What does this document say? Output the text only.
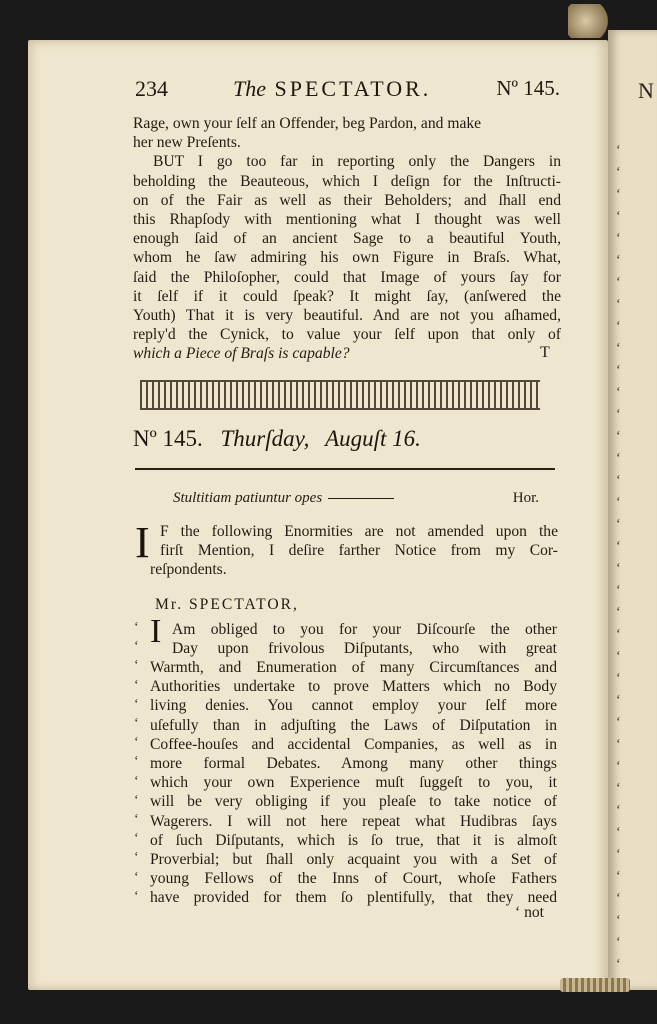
N
‘
‘
‘
‘
‘
‘
‘
‘
‘
‘
‘
‘
‘
‘
‘
‘
‘
‘
‘
‘
‘
‘
‘
‘
‘
‘
‘
‘
‘
‘
‘
‘
‘
‘
‘
‘
‘
‘
234	The SPECTATOR.	Nº 145.
Rage, own your ſelf an Offender, beg Pardon, and make
her new Preſents.
BUT I go too far in reporting only the Dangers in
beholding the Beauteous, which I deſign for the Inſtructi-
on of the Fair as well as their Beholders; and ſhall end
this Rhapſody with mentioning what I thought was well
enough ſaid of an ancient Sage to a beautiful Youth,
whom he ſaw admiring his own Figure in Braſs. What,
ſaid the Philoſopher, could that Image of yours ſay for
it ſelf if it could ſpeak? It might ſay, (anſwered the
Youth) That it is very beautiful. And are not you aſhamed,
reply'd the Cynick, to value your ſelf upon that only of
which a Piece of Braſs is capable?	T
Nº 145. Thurſday, Auguſt 16.
Stultitiam patiuntur opes	Hor.
I F the following Enormities are not amended upon the
firſt Mention, I deſire farther Notice from my Cor-
reſpondents.
Mr. SPECTATOR,
‘
‘
‘
‘
‘
‘
‘
‘
‘
‘
‘
‘
‘
‘
‘
I Am obliged to you for your Diſcourſe the other
Day upon frivolous Diſputants, who with great
Warmth, and Enumeration of many Circumſtances and
Authorities undertake to prove Matters which no Body
living denies. You cannot employ your ſelf more
uſefully than in adjuſting the Laws of Diſputation in
Coffee-houſes and accidental Companies, as well as in
more formal Debates. Among many other things
which your own Experience muſt ſuggeſt to you, it
will be very obliging if you pleaſe to take notice of
Wagerers. I will not here repeat what Hudibras ſays
of ſuch Diſputants, which is ſo true, that it is almoſt
Proverbial; but ſhall only acquaint you with a Set of
young Fellows of the Inns of Court, whoſe Fathers
have provided for them ſo plentifully, that they need
‘ not
